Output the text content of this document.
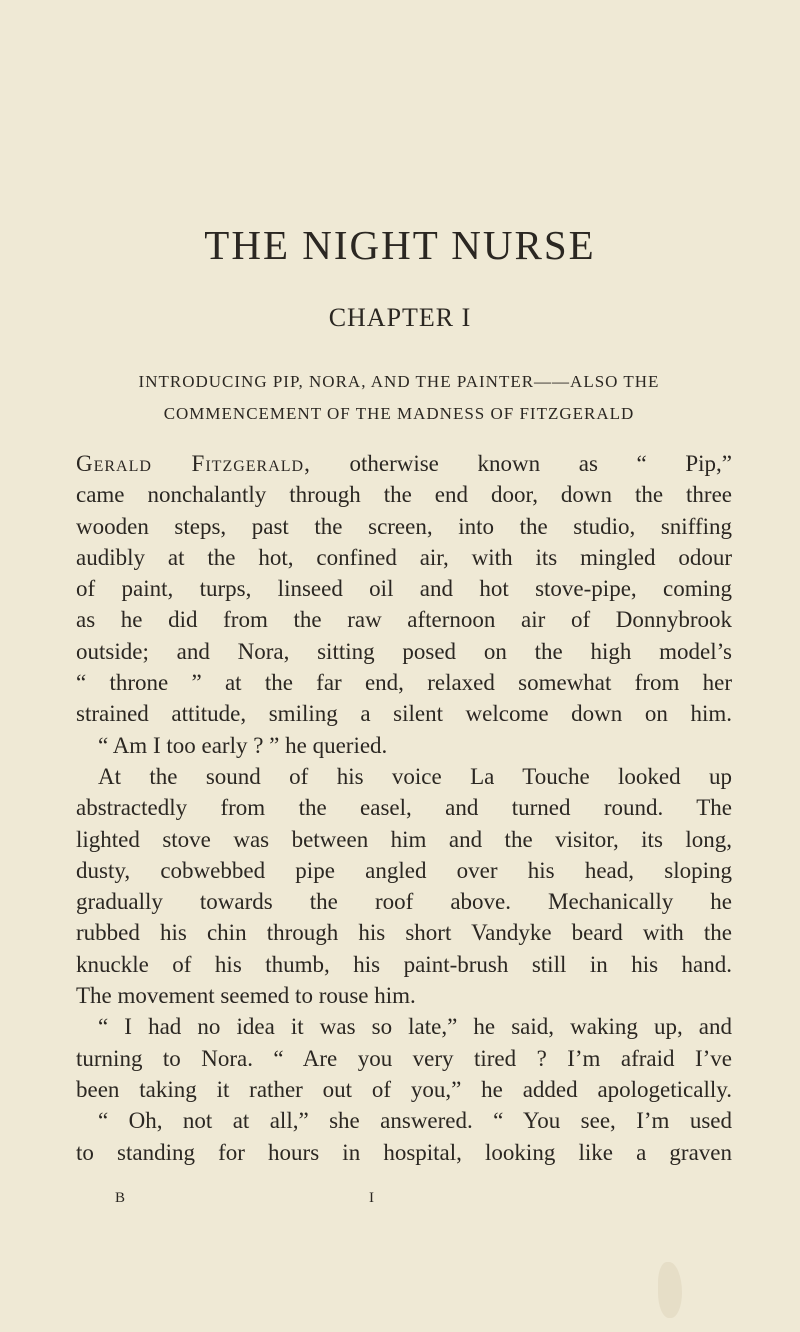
THE NIGHT NURSE
CHAPTER I
INTRODUCING PIP, NORA, AND THE PAINTER——ALSO THE
COMMENCEMENT OF THE MADNESS OF FITZGERALD
Gerald Fitzgerald, otherwise known as “ Pip,”
came nonchalantly through the end door, down the three
wooden steps, past the screen, into the studio, sniffing
audibly at the hot, confined air, with its mingled odour
of paint, turps, linseed oil and hot stove-pipe, coming
as he did from the raw afternoon air of Donnybrook
outside; and Nora, sitting posed on the high model’s
“ throne ” at the far end, relaxed somewhat from her
strained attitude, smiling a silent welcome down on him.
“ Am I too early ? ” he queried.
At the sound of his voice La Touche looked up
abstractedly from the easel, and turned round. The
lighted stove was between him and the visitor, its long,
dusty, cobwebbed pipe angled over his head, sloping
gradually towards the roof above. Mechanically he
rubbed his chin through his short Vandyke beard with the
knuckle of his thumb, his paint-brush still in his hand.
The movement seemed to rouse him.
“ I had no idea it was so late,” he said, waking up, and
turning to Nora. “ Are you very tired ? I’m afraid I’ve
been taking it rather out of you,” he added apologetically.
“ Oh, not at all,” she answered. “ You see, I’m used
to standing for hours in hospital, looking like a graven
B	I
